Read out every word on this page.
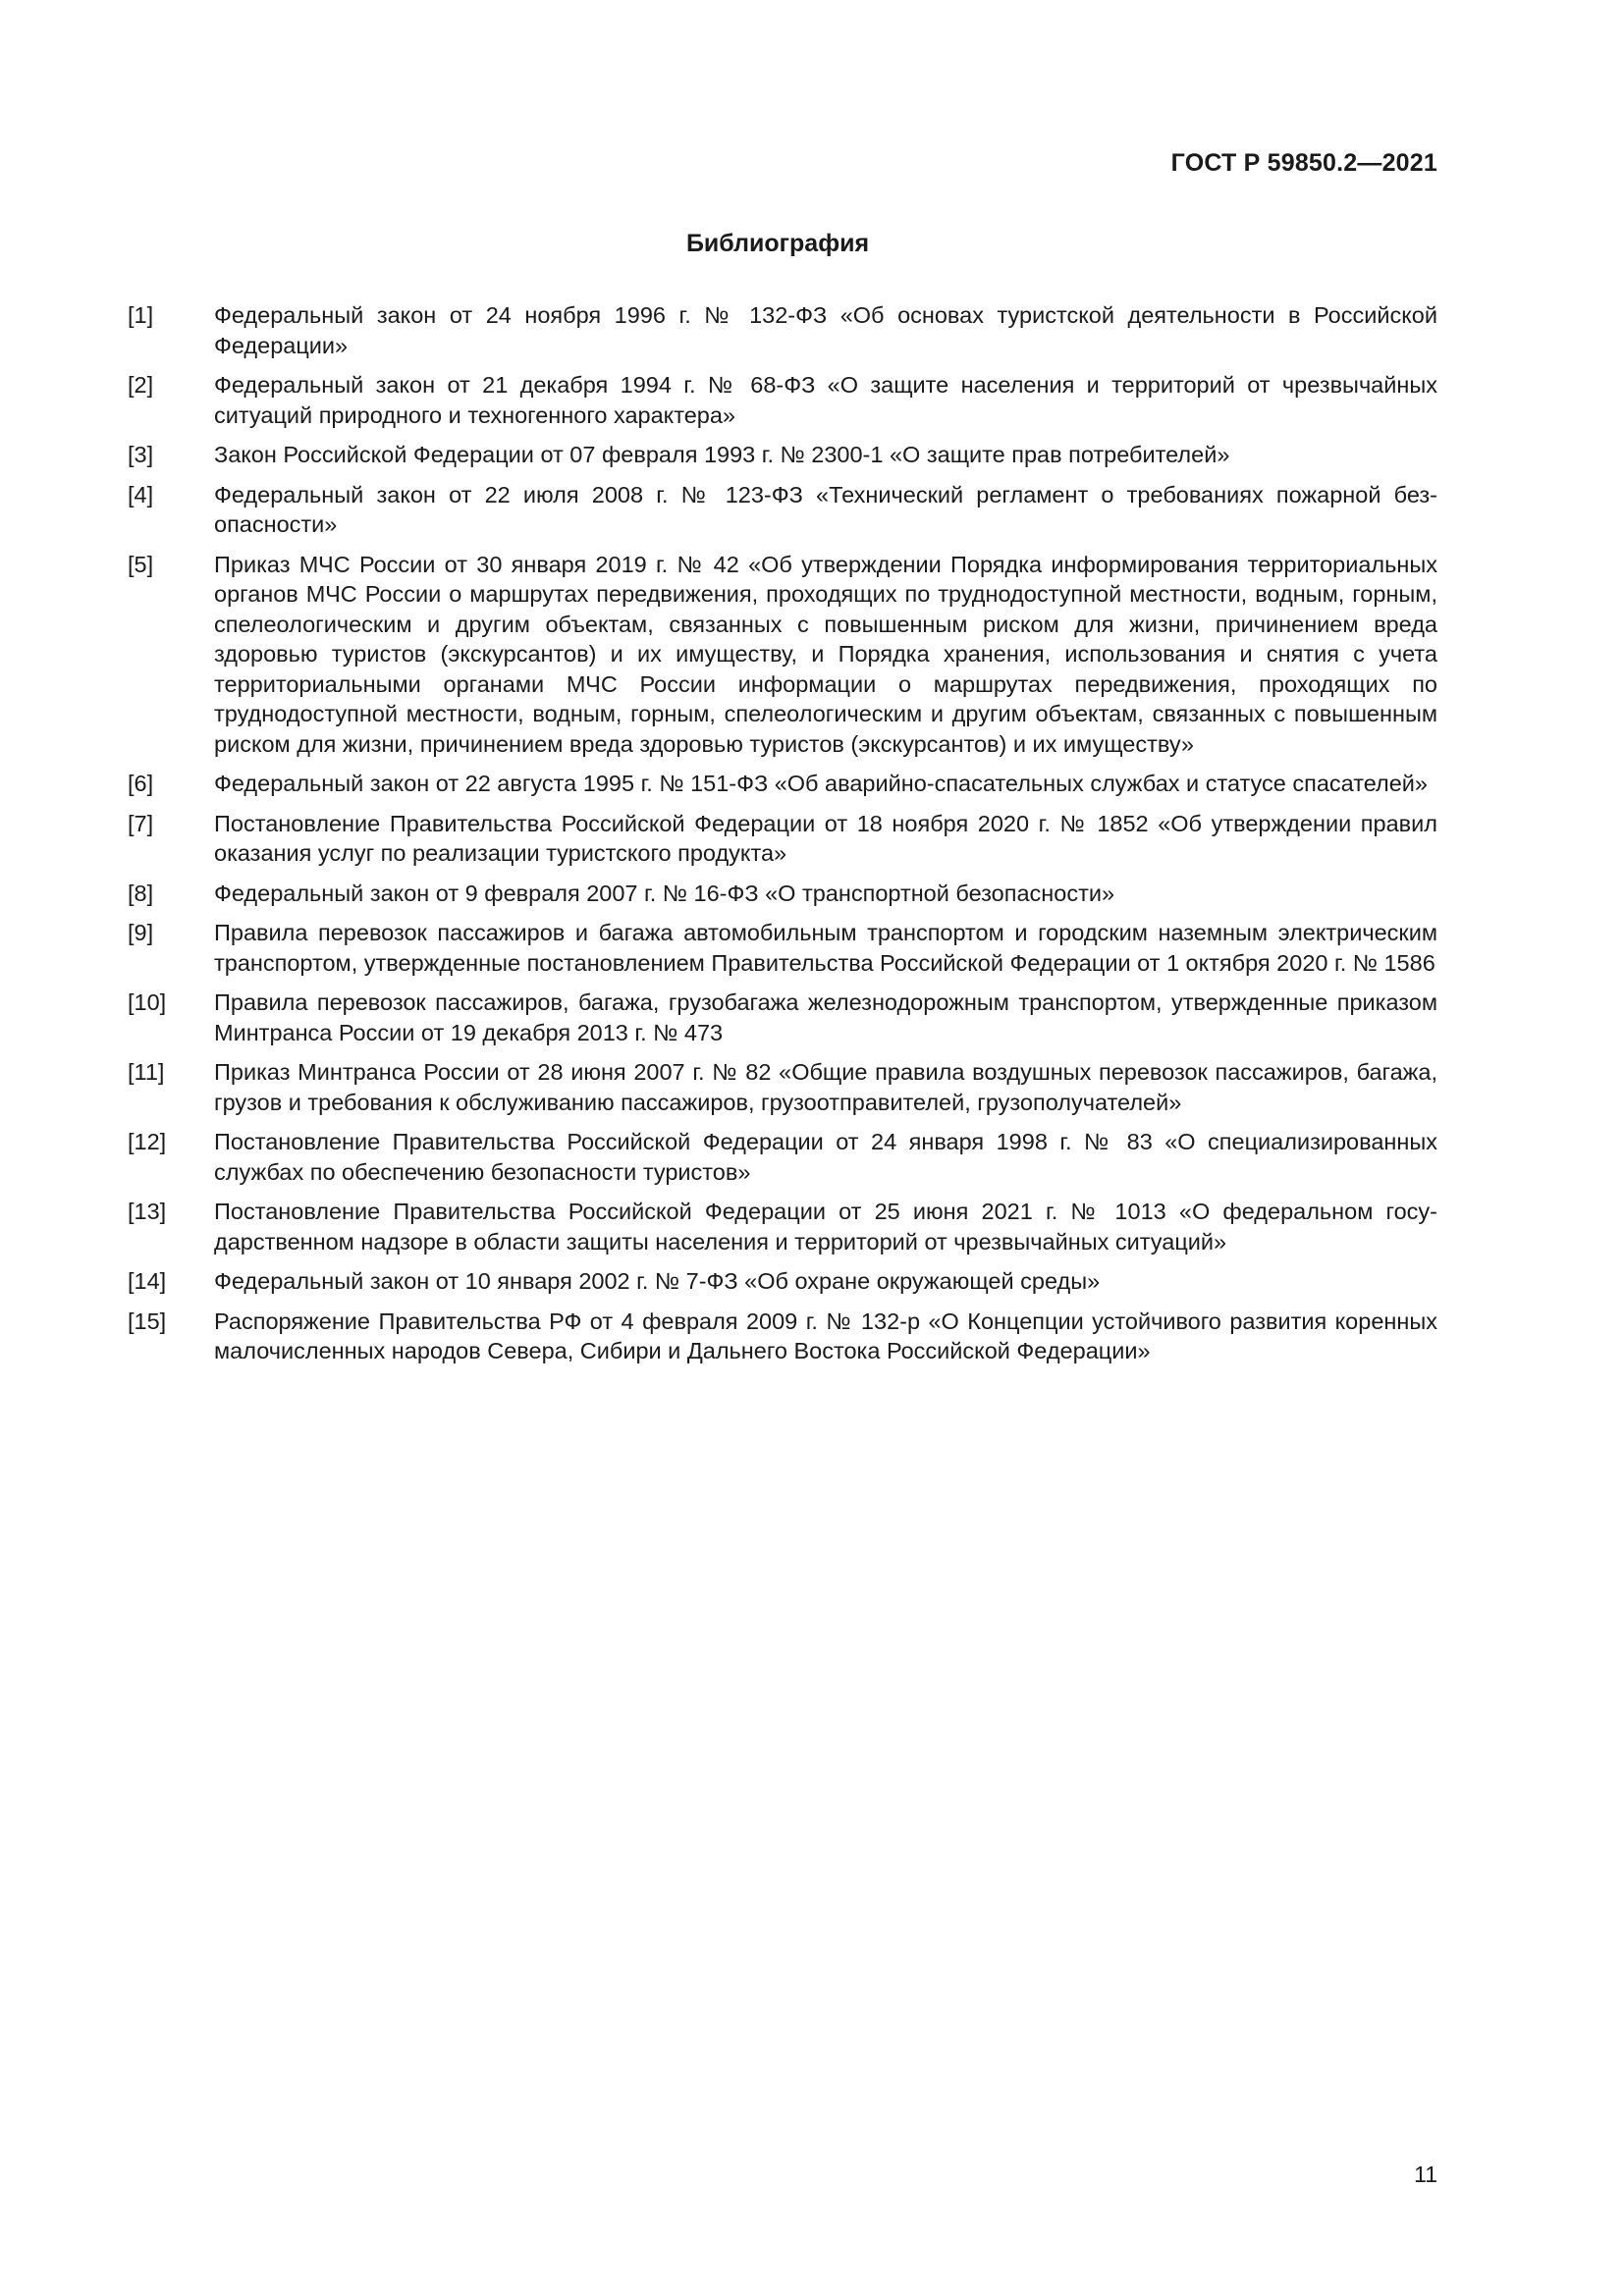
ГОСТ Р 59850.2—2021
Библиография
[1]	Федеральный закон от 24 ноября 1996 г. № 132-ФЗ «Об основах туристской деятельности в Российской Федерации»
[2]	Федеральный закон от 21 декабря 1994 г. № 68-ФЗ «О защите населения и территорий от чрезвычайных ситуаций природного и техногенного характера»
[3]	Закон Российской Федерации от 07 февраля 1993 г. № 2300-1 «О защите прав потребителей»
[4]	Федеральный закон от 22 июля 2008 г. № 123-ФЗ «Технический регламент о требованиях пожарной безопасности»
[5]	Приказ МЧС России от 30 января 2019 г. № 42 «Об утверждении Порядка информирования территориальных органов МЧС России о маршрутах передвижения, проходящих по труднодоступной местности, водным, горным, спелеологическим и другим объектам, связанных с повышенным риском для жизни, причинением вреда здоровью туристов (экскурсантов) и их имуществу, и Порядка хранения, использования и снятия с учета территориальными органами МЧС России информации о маршрутах передвижения, проходящих по труднодоступной местности, водным, горным, спелеологическим и другим объектам, связанных с повышенным риском для жизни, причинением вреда здоровью туристов (экскурсантов) и их имуществу»
[6]	Федеральный закон от 22 августа 1995 г. № 151-ФЗ «Об аварийно-спасательных службах и статусе спасателей»
[7]	Постановление Правительства Российской Федерации от 18 ноября 2020 г. № 1852 «Об утверждении правил оказания услуг по реализации туристского продукта»
[8]	Федеральный закон от 9 февраля 2007 г. № 16-ФЗ «О транспортной безопасности»
[9]	Правила перевозок пассажиров и багажа автомобильным транспортом и городским наземным электрическим транспортом, утвержденные постановлением Правительства Российской Федерации от 1 октября 2020 г. № 1586
[10]	Правила перевозок пассажиров, багажа, грузобагажа железнодорожным транспортом, утвержденные приказом Минтранса России от 19 декабря 2013 г. № 473
[11]	Приказ Минтранса России от 28 июня 2007 г. № 82 «Общие правила воздушных перевозок пассажиров, багажа, грузов и требования к обслуживанию пассажиров, грузоотправителей, грузополучателей»
[12]	Постановление Правительства Российской Федерации от 24 января 1998 г. № 83 «О специализированных службах по обеспечению безопасности туристов»
[13]	Постановление Правительства Российской Федерации от 25 июня 2021 г. № 1013 «О федеральном государственном надзоре в области защиты населения и территорий от чрезвычайных ситуаций»
[14]	Федеральный закон от 10 января 2002 г. № 7-ФЗ «Об охране окружающей среды»
[15]	Распоряжение Правительства РФ от 4 февраля 2009 г. № 132-р «О Концепции устойчивого развития коренных малочисленных народов Севера, Сибири и Дальнего Востока Российской Федерации»
11
